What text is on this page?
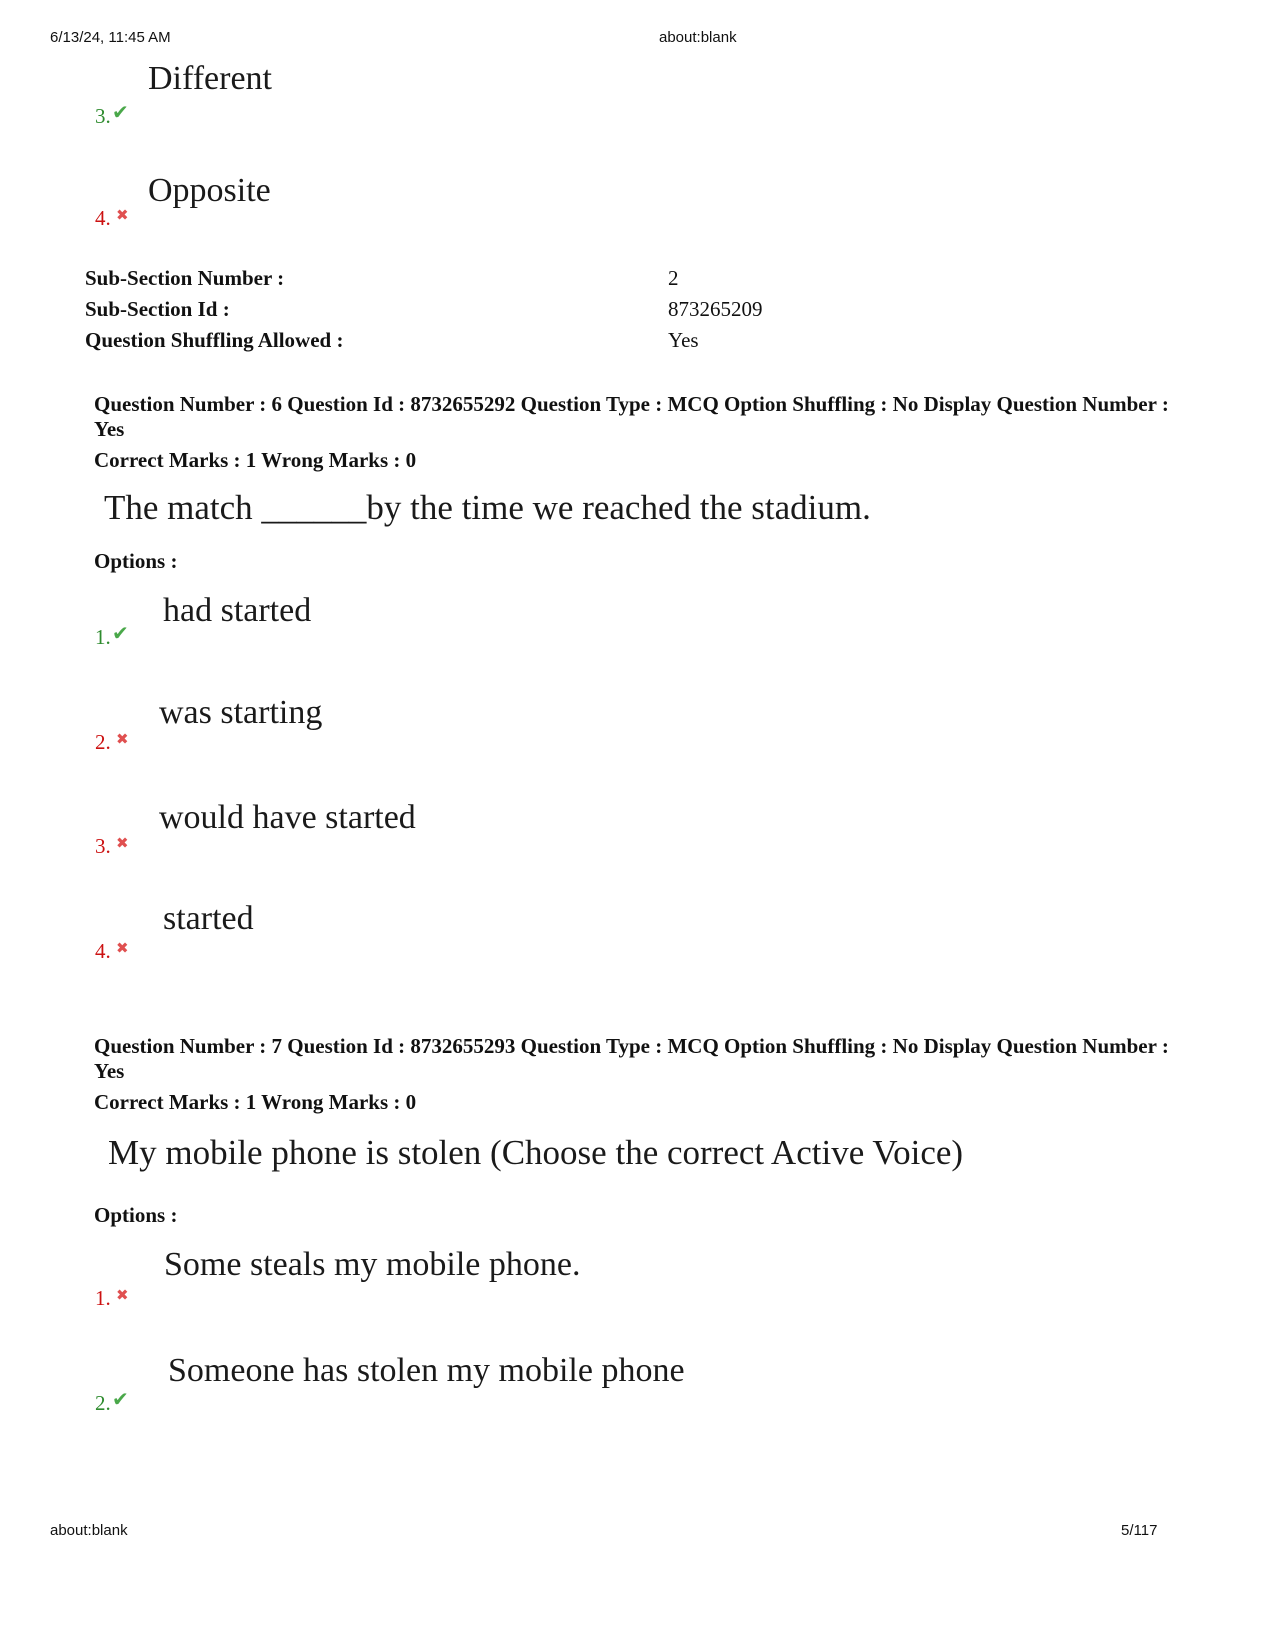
6/13/24, 11:45 AM	about:blank
Different
3. ✔
Opposite
4. ✖
Sub-Section Number :	2
Sub-Section Id :	873265209
Question Shuffling Allowed :	Yes
Question Number : 6 Question Id : 8732655292 Question Type : MCQ Option Shuffling : No Display Question Number : Yes
Correct Marks : 1 Wrong Marks : 0
The match ______by the time we reached the stadium.
Options :
had started
1. ✔
was starting
2. ✖
would have started
3. ✖
started
4. ✖
Question Number : 7 Question Id : 8732655293 Question Type : MCQ Option Shuffling : No Display Question Number : Yes
Correct Marks : 1 Wrong Marks : 0
My mobile phone is stolen (Choose the correct Active Voice)
Options :
Some steals my mobile phone.
1. ✖
Someone has stolen my mobile phone
2. ✔
about:blank	5/117
